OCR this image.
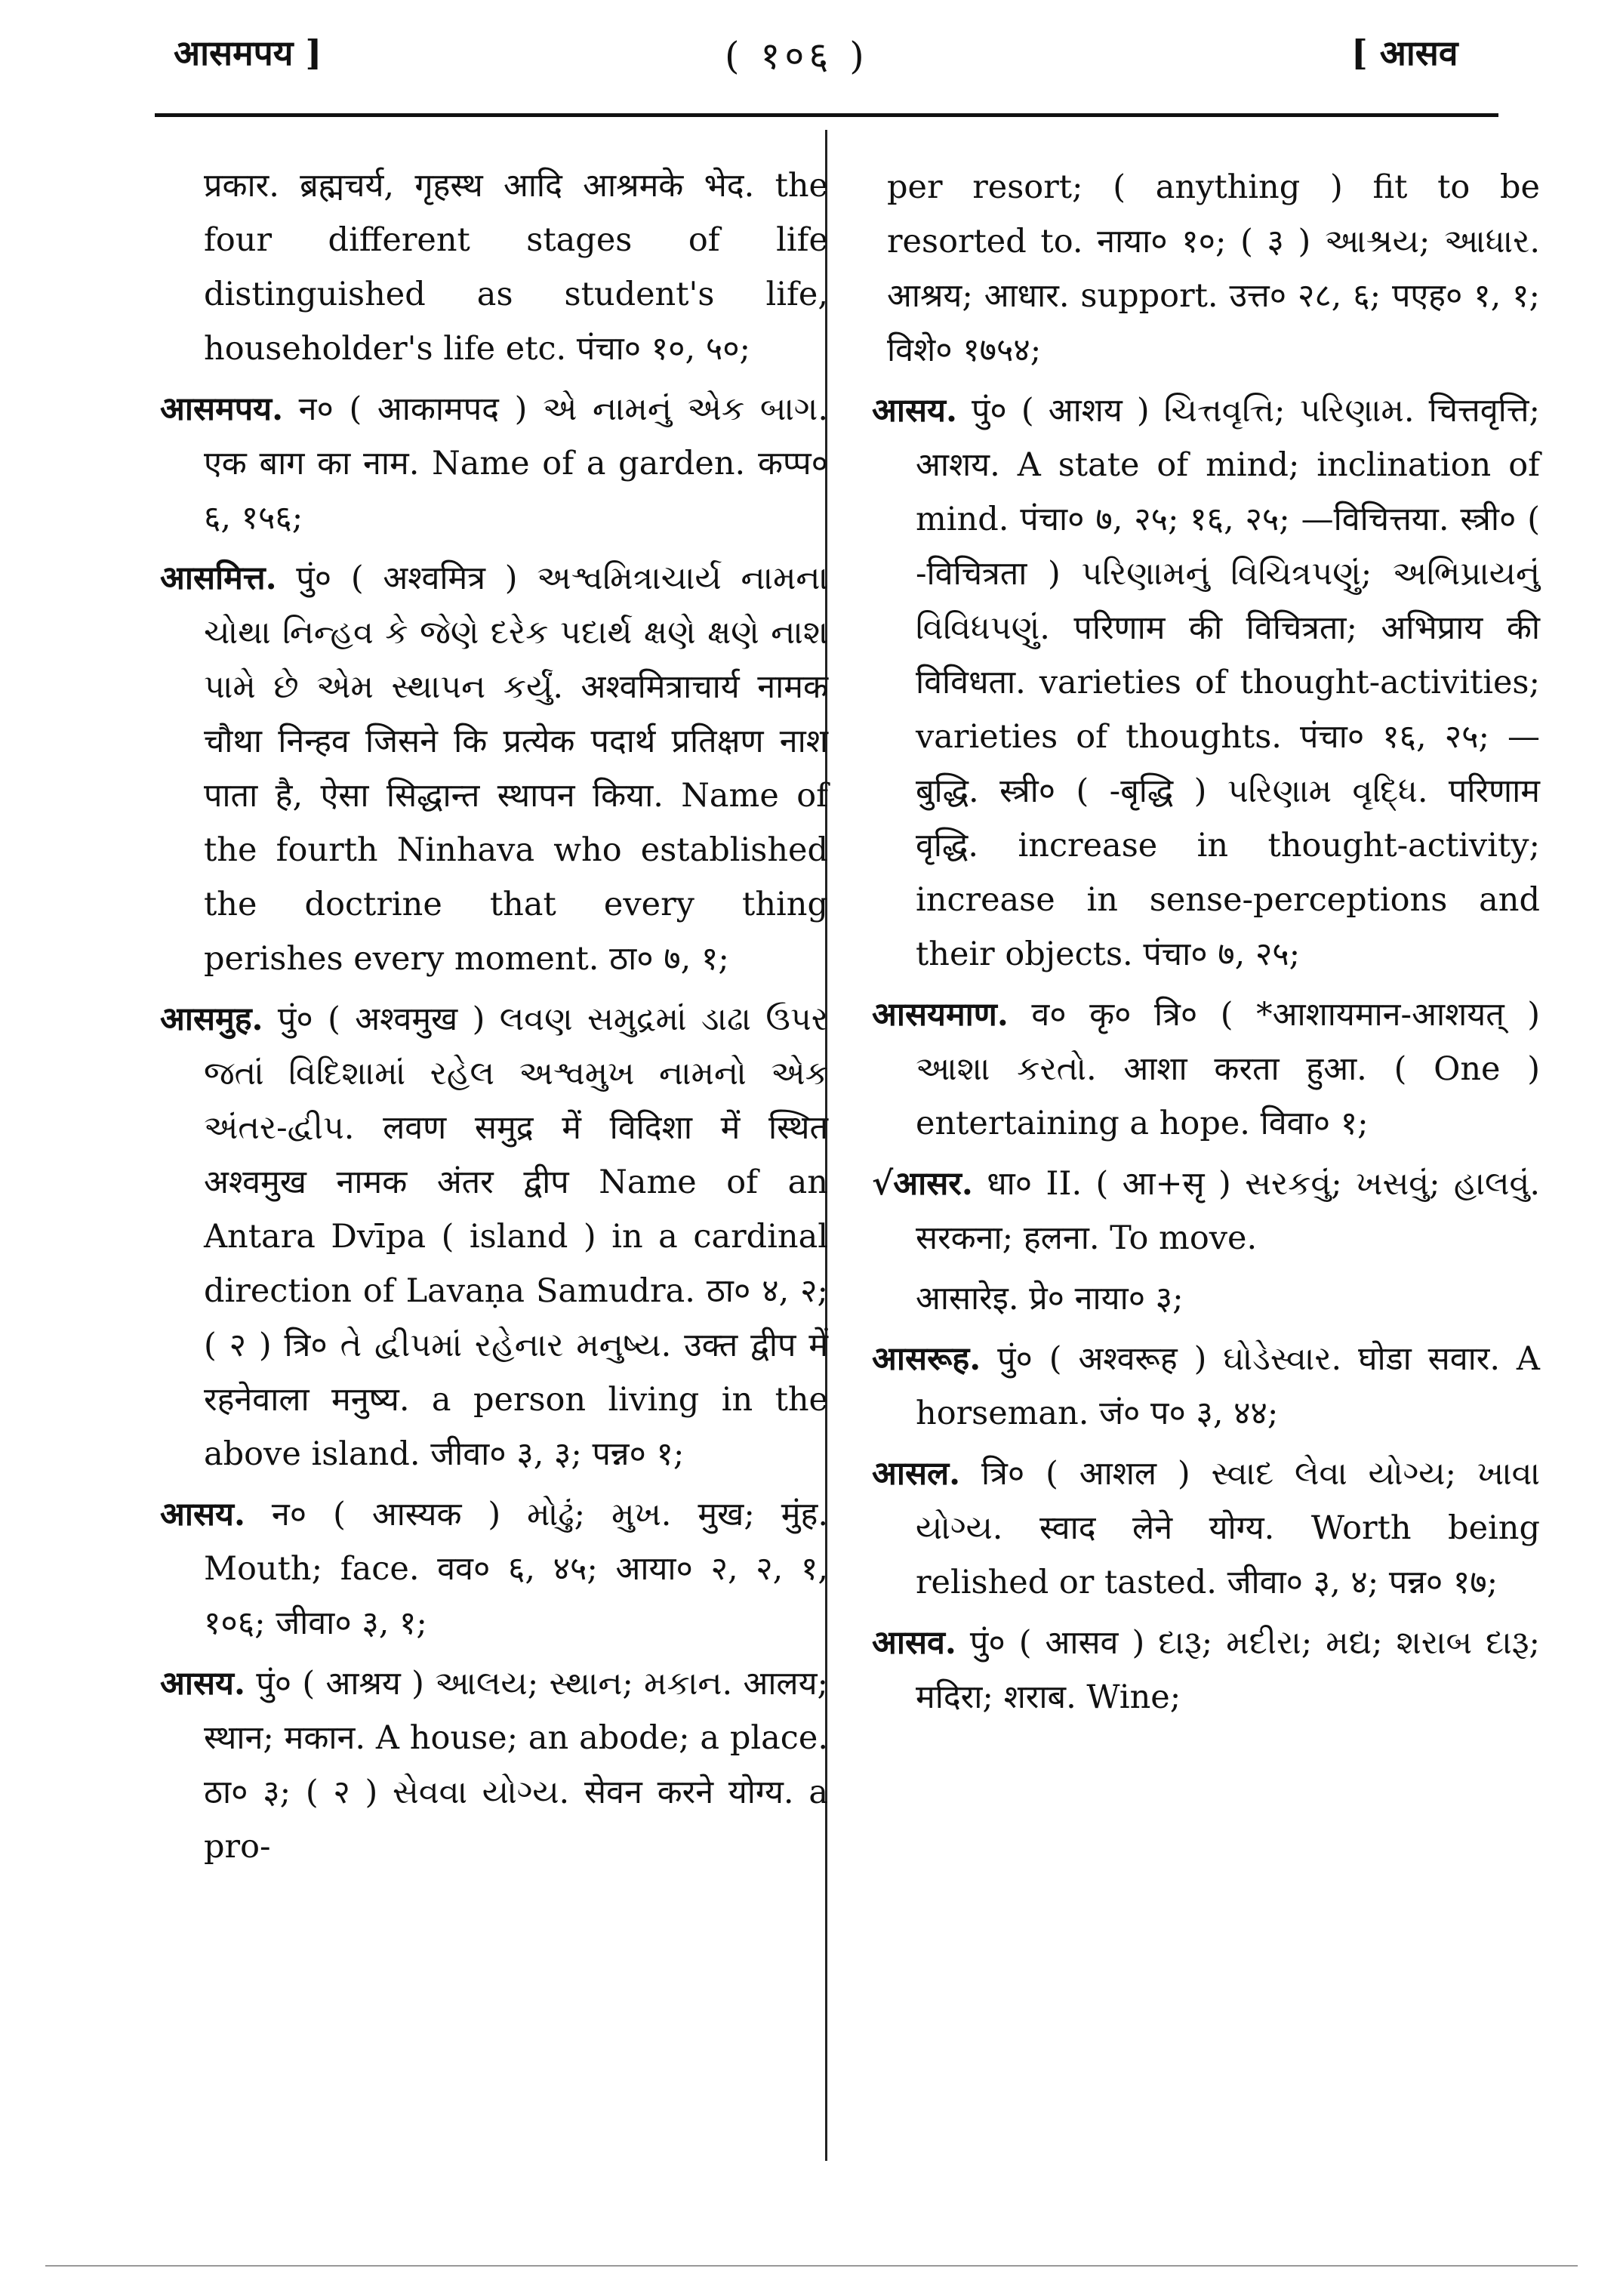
आसमपय ]	( १०६ )	[ आसव

प्रकार. ब्रह्मचर्य, गृहस्थ आदि आश्रमके भेद. the four different stages of life distinguished as student's life, householder's life etc. पंचा० १०, ५०;

आसमपय. न० ( आकामपद ) એ નામનું એક બાગ. एक बाग का नाम. Name of a garden. कप्प० ६, १५६;

आसमित्त. पुं० ( अश्वमित्र ) અશ્વમિત્રાચાર્ય નામના ચોથા નિન્હવ કે જેણે દરેક પદાર્થ ક્ષણે ક્ષણે નાશ પામે છે એમ સ્થાપન કર્યું. अश्वमित्राचार्य नामक चौथा निन्हव जिसने कि प्रत्येक पदार्थ प्रतिक्षण नाश पाता है, ऐसा सिद्धान्त स्थापन किया. Name of the fourth Ninhava who established the doctrine that every thing perishes every moment. ठा० ७, १;

आसमुह. पुं० ( अश्वमुख ) લવણ સમુદ્રમાં ડાઢા ઉપર જતાં વિદિશામાં રહેલ અશ્વમુખ નામનો એક અંતર-દ્વીપ. लवण समुद्र में विदिशा में स्थित अश्वमुख नामक अंतर द्वीप Name of an Antara Dvīpa ( island ) in a cardinal direction of Lavaṇa Samudra. ठा० ४, २; ( २ ) त्रि० તે દ્વીપમાં રહેનાર મનુષ્ય. उक्त द्वीप में रहनेवाला मनुष्य. a person living in the above island. जीवा० ३, ३; पन्न० १;

आसय. न० ( आस्यक ) મોઢું; મુખ. मुख; मुंह. Mouth; face. वव० ६, ४५; आया० २, २, १, १०६; जीवा० ३, १;

आसय. पुं० ( आश्रय ) આલય; સ્થાન; મકાન. आलय; स्थान; मकान. A house; an abode; a place. ठा० ३; ( २ ) સેવવા યોગ્ય. सेवन करने योग्य. a pro-

per resort; ( anything ) fit to be resorted to. नाया० १०; ( ३ ) આશ્રય; આધાર. आश्रय; आधार. support. उत्त० २८, ६; पएह० १, १; विशे० १७५४;

आसय. पुं० ( आशय ) ચિત્તવૃત્તિ; પરિણામ. चित्तवृत्ति; आशय. A state of mind; inclination of mind. पंचा० ७, २५; १६, २५; —विचित्तया. स्त्री० ( -विचित्रता ) પરિણામનું વિચિત્રપણું; અભિપ્રાયનું વિવિધપણું. परिणाम की विचित्रता; अभिप्राय की विविधता. varieties of thought-activities; varieties of thoughts. पंचा० १६, २५; —बुद्धि. स्त्री० ( -बृद्धि ) પરિણામ વૃદ્ધિ. परिणाम वृद्धि. increase in thought-activity; increase in sense-perceptions and their objects. पंचा० ७, २५;

आसयमाण. व० कृ० त्रि० ( *आशायमान-आशयत् ) આશા કરતો. आशा करता हुआ. ( One ) entertaining a hope. विवा० १;

√आसर. धा० II. ( आ+सृ ) સરકવું; ખસવું; હાલવું. सरकना; हलना. To move.

आसारेइ. प्रे० नाया० ३;

आसरूह. पुं० ( अश्वरूह ) ઘોડેસ્વાર. घोडा सवार. A horseman. जं० प० ३, ४४;

आसल. त्रि० ( आशल ) સ્વાદ લેવા યોગ્ય; ખાવા યોગ્ય. स्वाद लेने योग्य. Worth being relished or tasted. जीवा० ३, ४; पन्न० १७;

आसव. पुं० ( आसव ) દારૂ; મદીરા; મદ્ય; શરાબ દારૂ; मदिरा; शराब. Wine;
